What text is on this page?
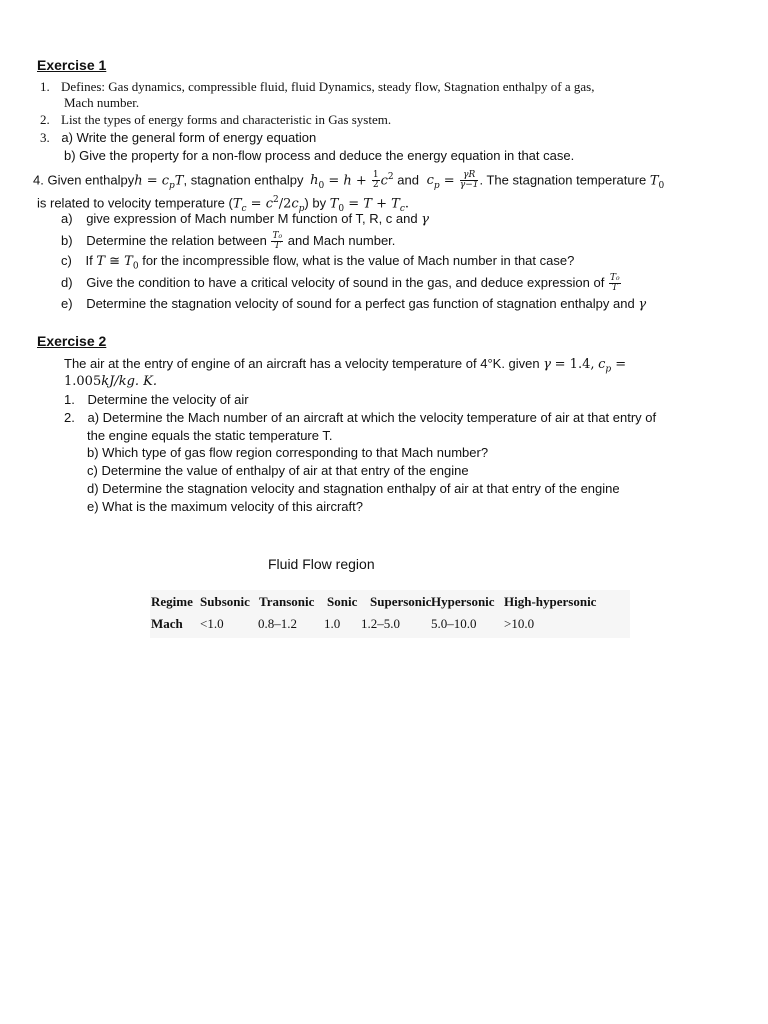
Exercise 1
1. Defines: Gas dynamics, compressible fluid, fluid Dynamics, steady flow, Stagnation enthalpy of a gas,
Mach number.
2. List the types of energy forms and characteristic in Gas system.
3. a) Write the general form of energy equation
b) Give the property for a non-flow process and deduce the energy equation in that case.
4. Given enthalpyh = $c_pT$, stagnation enthalpy $h_0 = h + \frac{1}{2} c^2$ and $c_p = \frac{\gamma R}{\gamma-1}$ . The stagnation temperature $T_0$
is related to velocity temperature $(T_c = c^2/2c_p)$ by $T_0 = T + T_c$.
a) give expression of Mach number M function of T, R, c and γ
b) Determine the relation between $\frac{\text{T₀}}{T}$ and Mach number.
c) If T ≅ $T_0$ for the incompressible flow, what is the value of Mach number in that case?
d) Give the condition to have a critical velocity of sound in the gas, and deduce expression of $\frac{\text{T₀}}{T}$
e) Determine the stagnation velocity of sound for a perfect gas function of stagnation enthalpy and γ
Exercise 2
The air at the entry of engine of an aircraft has a velocity temperature of 4°K. given γ = 1.4, $c_p$ =
1.005kJ/kg. K.
1. Determine the velocity of air
2. a) Determine the Mach number of an aircraft at which the velocity temperature of air at that entry of
the engine equals the static temperature T.
b) Which type of gas flow region corresponding to that Mach number?
c) Determine the value of enthalpy of air at that entry of the engine
d) Determine the stagnation velocity and stagnation enthalpy of air at that entry of the engine
e) What is the maximum velocity of this aircraft?
Fluid Flow region
Regime Subsonic Transonic Sonic Supersonic Hypersonic High-hypersonic
Mach <1.0	0.8–1.2 1.0 1.2–5.0 5.0–10.0 >10.0
